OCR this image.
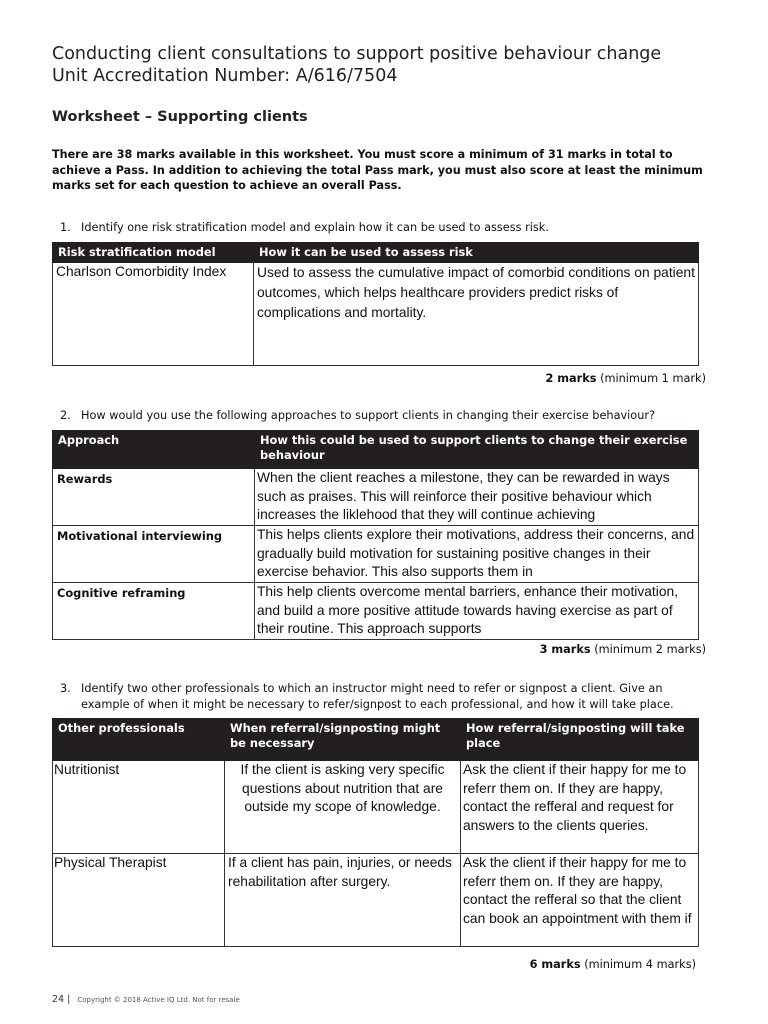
Conducting client consultations to support positive behaviour change
Unit Accreditation Number: A/616/7504
Worksheet – Supporting clients

There are 38 marks available in this worksheet. You must score a minimum of 31 marks in total to achieve a Pass. In addition to achieving the total Pass mark, you must also score at least the minimum marks set for each question to achieve an overall Pass.

1. Identify one risk stratification model and explain how it can be used to assess risk.

Risk stratification model	How it can be used to assess risk
Charlson Comorbidity Index	Used to assess the cumulative impact of comorbid conditions on patient outcomes, which helps healthcare providers predict risks of complications and mortality.

2 marks (minimum 1 mark)

2. How would you use the following approaches to support clients in changing their exercise behaviour?

Approach	How this could be used to support clients to change their exercise behaviour
Rewards	When the client reaches a milestone, they can be rewarded in ways such as praises. This will reinforce their positive behaviour which increases the liklehood that they will continue achieving

Motivational interviewing	This helps clients explore their motivations, address their concerns, and gradually build motivation for sustaining positive changes in their exercise behavior. This also supports them in

Cognitive reframing	This help clients overcome mental barriers, enhance their motivation, and build a more positive attitude towards having exercise as part of their routine. This approach supports

3 marks (minimum 2 marks)

3. Identify two other professionals to which an instructor might need to refer or signpost a client. Give an
example of when it might be necessary to refer/signpost to each professional, and how it will take place.

Other professionals	When referral/signposting might be necessary	How referral/signposting will take place
Nutritionist	If the client is asking very specific questions about nutrition that are outside my scope of knowledge.	Ask the client if their happy for me to referr them on. If they are happy, contact the refferal and request for answers to the clients queries.
Physical Therapist	If a client has pain, injuries, or needs rehabilitation after surgery.	Ask the client if their happy for me to referr them on. If they are happy, contact the refferal so that the client can book an appointment with them if

6 marks (minimum 4 marks)

24 | Copyright © 2018 Active IQ Ltd. Not for resale
